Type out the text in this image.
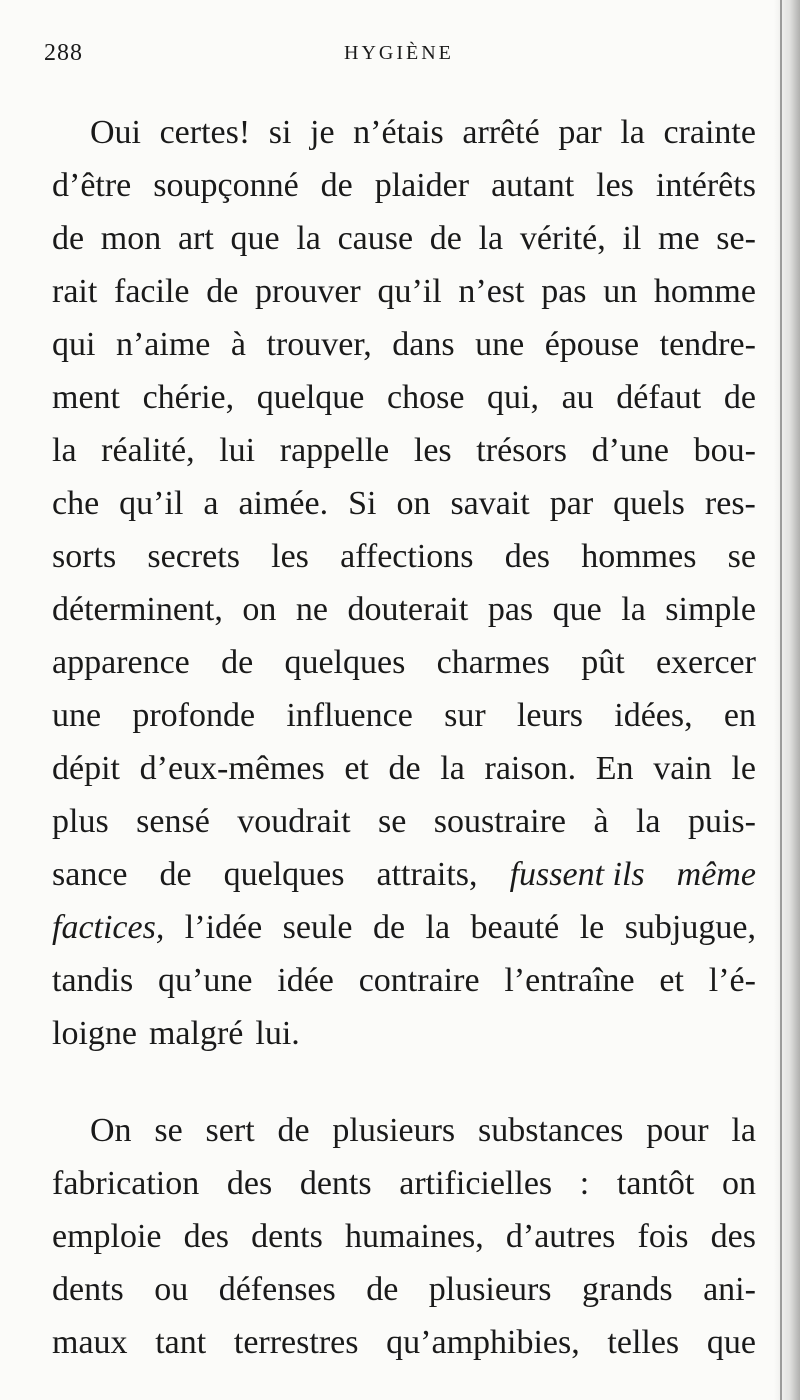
288	HYGIÈNE
Oui certes! si je n’étais arrêté par la crainte
d’être soupçonné de plaider autant les intérêts
de mon art que la cause de la vérité, il me se-
rait facile de prouver qu’il n’est pas un homme
qui n’aime à trouver, dans une épouse tendre-
ment chérie, quelque chose qui, au défaut de
la réalité, lui rappelle les trésors d’une bou-
che qu’il a aimée. Si on savait par quels res-
sorts secrets les affections des hommes se
déterminent, on ne douterait pas que la simple
apparence de quelques charmes pût exercer
une profonde influence sur leurs idées, en
dépit d’eux-mêmes et de la raison. En vain le
plus sensé voudrait se soustraire à la puis-
sance de quelques attraits, fussent ils même
factices, l’idée seule de la beauté le subjugue,
tandis qu’une idée contraire l’entraîne et l’é-
loigne malgré lui.
On se sert de plusieurs substances pour la
fabrication des dents artificielles : tantôt on
emploie des dents humaines, d’autres fois des
dents ou défenses de plusieurs grands ani-
maux tant terrestres qu’amphibies, telles que
